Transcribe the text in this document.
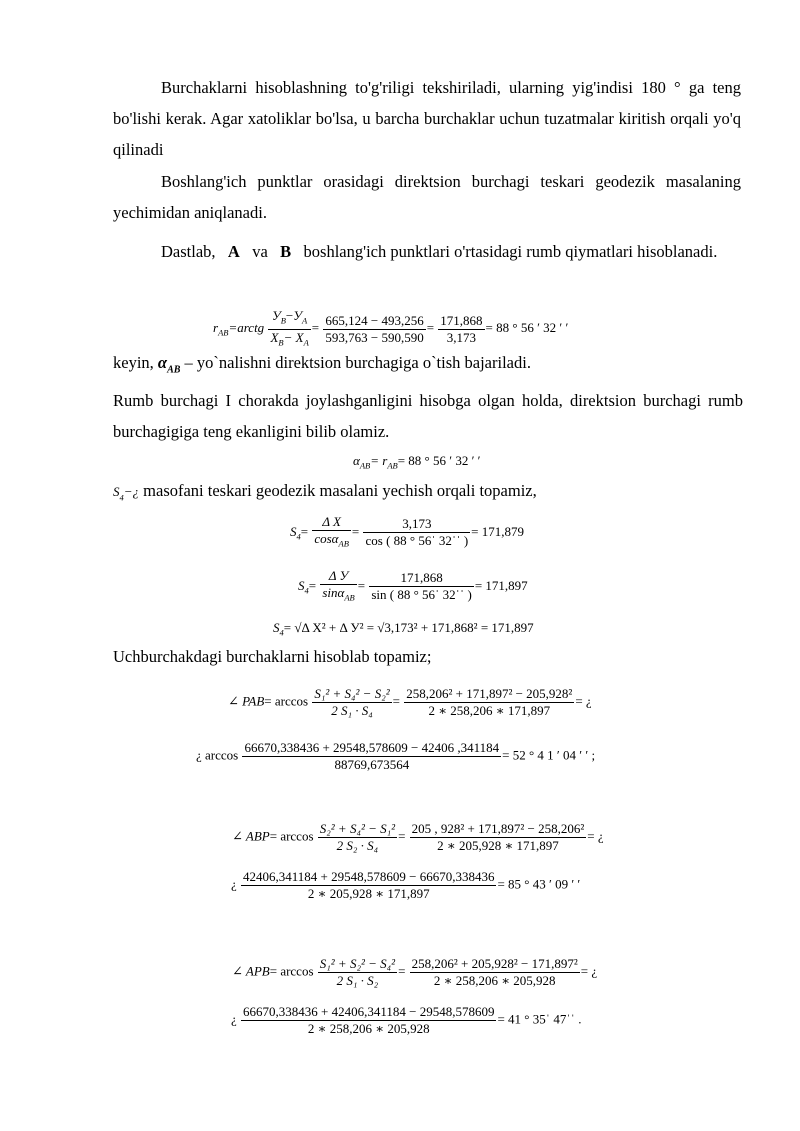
Burchaklarni hisoblashning to'g'riligi tekshiriladi, ularning yig'indisi 180 ° ga teng bo'lishi kerak. Agar xatoliklar bo'lsa, u barcha burchaklar uchun tuzatmalar kiritish orqali yo'q qilinadi
Boshlang'ich punktlar orasidagi direktsion burchagi teskari geodezik masalaning yechimidan aniqlanadi.
Dastlab, A va B boshlang'ich punktlari o'rtasidagi rumb qiymatlari hisoblanadi.
$r_{AB}=arctg \frac{У_B-У_A}{X_B- X_A} = \frac{665,124 - 493,256}{593,763 - 590,590} = \frac{171,868}{3,173} = 88$ ° 56 ′ 32 ′ ′
keyin, $\alpha_{AB}$ – yo`nalishni direktsion burchagiga o`tish bajariladi.
Rumb burchagi I chorakda joylashganligini hisobga olgan holda, direktsion burchagi rumb burchagigiga teng ekanligini bilib olamiz.
$\alpha_{AB}= r_{AB}= 88$ ° 56 ′ 32 ′ ′
$S_4-¿$ masofani teskari geodezik masalani yechish orqali topamiz,
$S_4= \frac{\text{Δ X}}{\cos\alpha_{AB}} = \frac{3,173}{\text{cos ( 88 ° 56ˈ 32ˈˈ )}} = 171,879$
$S_4= \frac{\text{Δ У}}{\sin\alpha_{AB}} = \frac{171,868}{\text{sin ( 88 ° 56ˈ 32ˈˈ )}} = 171,897$
$S_4= √\Delta$ X² + Δ У² = √3,173² + 171,868² = 171,897
Uchburchakdagi burchaklarni hisoblab topamiz;
∠ $PAB= \arccos \frac{\text{S₁² + S₄² − S₂²}}{\text{2 S₁ · S₄}} = \frac{\text{258,206² + 171,897² − 205,928²}}{2 ∗ 258,206 ∗ 171,897}$ = ¿
¿ $\arccos \frac{66670,338436 + 29548,578609 - 42406 ,341184}{88769,673564} = 52$ ° 4 1 ′ 04 ′ ′ ;
∠ $ABP= \arccos \frac{\text{S₂² + S₄² − S₁²}}{\text{2 S₂ · S₄}} = \frac{\text{205 , 928² + 171,897² − 258,206²}}{2 ∗ 205,928 ∗ 171,897}$ = ¿
¿ $\frac{42406,341184 + 29548,578609 - 66670,338436}{2 ∗ 205,928 ∗ 171,897} = 85$ ° 43 ′ 09 ′ ′
∠ $APB= \arccos \frac{\text{S₁² + S₂² − S₄²}}{\text{2 S₁ · S₂}} = \frac{\text{258,206² + 205,928² − 171,897²}}{2 ∗ 258,206 ∗ 205,928}$ = ¿
¿ $\frac{66670,338436 + 42406,341184 - 29548,578609}{2 ∗ 258,206 ∗ 205,928} = 41$ ° 35ˈ 47ˈˈ .
